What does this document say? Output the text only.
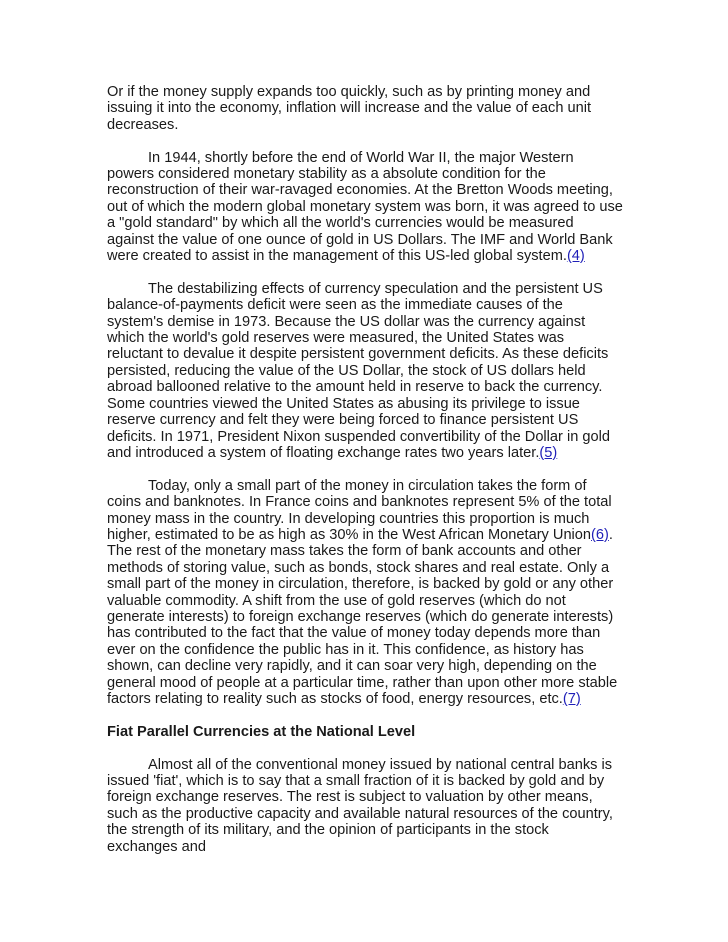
Or if the money supply expands too quickly, such as by printing money and issuing it into the economy, inflation will increase and the value of each unit decreases.

In 1944, shortly before the end of World War II, the major Western powers considered monetary stability as a absolute condition for the reconstruction of their war-ravaged economies. At the Bretton Woods meeting, out of which the modern global monetary system was born, it was agreed to use a "gold standard" by which all the world's currencies would be measured against the value of one ounce of gold in US Dollars. The IMF and World Bank were created to assist in the management of this US-led global system.(4)

The destabilizing effects of currency speculation and the persistent US balance-of-payments deficit were seen as the immediate causes of the system's demise in 1973. Because the US dollar was the currency against which the world's gold reserves were measured, the United States was reluctant to devalue it despite persistent government deficits. As these deficits persisted, reducing the value of the US Dollar, the stock of US dollars held abroad ballooned relative to the amount held in reserve to back the currency. Some countries viewed the United States as abusing its privilege to issue reserve currency and felt they were being forced to finance persistent US deficits. In 1971, President Nixon suspended convertibility of the Dollar in gold and introduced a system of floating exchange rates two years later.(5)

Today, only a small part of the money in circulation takes the form of coins and banknotes. In France coins and banknotes represent 5% of the total money mass in the country. In developing countries this proportion is much higher, estimated to be as high as 30% in the West African Monetary Union(6). The rest of the monetary mass takes the form of bank accounts and other methods of storing value, such as bonds, stock shares and real estate. Only a small part of the money in circulation, therefore, is backed by gold or any other valuable commodity. A shift from the use of gold reserves (which do not generate interests) to foreign exchange reserves (which do generate interests) has contributed to the fact that the value of money today depends more than ever on the confidence the public has in it. This confidence, as history has shown, can decline very rapidly, and it can soar very high, depending on the general mood of people at a particular time, rather than upon other more stable factors relating to reality such as stocks of food, energy resources, etc.(7)

Fiat Parallel Currencies at the National Level

Almost all of the conventional money issued by national central banks is issued 'fiat', which is to say that a small fraction of it is backed by gold and by foreign exchange reserves. The rest is subject to valuation by other means, such as the productive capacity and available natural resources of the country, the strength of its military, and the opinion of participants in the stock exchanges and
